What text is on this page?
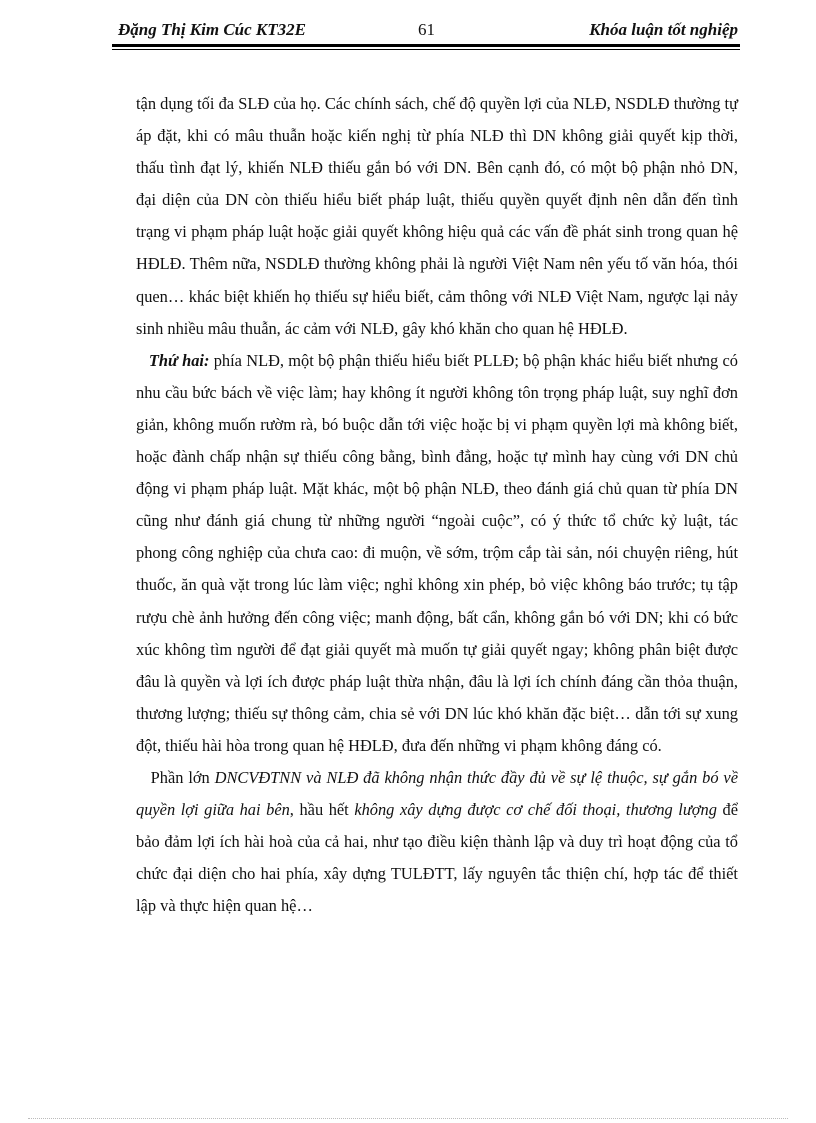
Đặng Thị Kim Cúc KT32E	61	Khóa luận tốt nghiệp

tận dụng tối đa SLĐ của họ. Các chính sách, chế độ quyền lợi của NLĐ, NSDLĐ thường tự áp đặt, khi có mâu thuẫn hoặc kiến nghị từ phía NLĐ thì DN không giải quyết kịp thời, thấu tình đạt lý, khiến NLĐ thiếu gắn bó với DN. Bên cạnh đó, có một bộ phận nhỏ DN, đại diện của DN còn thiếu hiểu biết pháp luật, thiếu quyền quyết định nên dẫn đến tình trạng vi phạm pháp luật hoặc giải quyết không hiệu quả các vấn đề phát sinh trong quan hệ HĐLĐ. Thêm nữa, NSDLĐ thường không phải là người Việt Nam nên yếu tố văn hóa, thói quen… khác biệt khiến họ thiếu sự hiểu biết, cảm thông với NLĐ Việt Nam, ngược lại nảy sinh nhiều mâu thuẫn, ác cảm với NLĐ, gây khó khăn cho quan hệ HĐLĐ.

Thứ hai: phía NLĐ, một bộ phận thiếu hiểu biết PLLĐ; bộ phận khác hiểu biết nhưng có nhu cầu bức bách về việc làm; hay không ít người không tôn trọng pháp luật, suy nghĩ đơn giản, không muốn rườm rà, bó buộc dẫn tới việc hoặc bị vi phạm quyền lợi mà không biết, hoặc đành chấp nhận sự thiếu công bằng, bình đẳng, hoặc tự mình hay cùng với DN chủ động vi phạm pháp luật. Mặt khác, một bộ phận NLĐ, theo đánh giá chủ quan từ phía DN cũng như đánh giá chung từ những người “ngoài cuộc”, có ý thức tổ chức kỷ luật, tác phong công nghiệp của chưa cao: đi muộn, về sớm, trộm cắp tài sản, nói chuyện riêng, hút thuốc, ăn quà vặt trong lúc làm việc; nghỉ không xin phép, bỏ việc không báo trước; tụ tập rượu chè ảnh hưởng đến công việc; manh động, bất cẩn, không gắn bó với DN; khi có bức xúc không tìm người để đạt giải quyết mà muốn tự giải quyết ngay; không phân biệt được đâu là quyền và lợi ích được pháp luật thừa nhận, đâu là lợi ích chính đáng cần thỏa thuận, thương lượng; thiếu sự thông cảm, chia sẻ với DN lúc khó khăn đặc biệt… dẫn tới sự xung đột, thiếu hài hòa trong quan hệ HĐLĐ, đưa đến những vi phạm không đáng có.

Phần lớn DNCVĐTNN và NLĐ đã không nhận thức đầy đủ về sự lệ thuộc, sự gắn bó về quyền lợi giữa hai bên, hầu hết không xây dựng được cơ chế đối thoại, thương lượng để bảo đảm lợi ích hài hoà của cả hai, như tạo điều kiện thành lập và duy trì hoạt động của tổ chức đại diện cho hai phía, xây dựng TULĐTT, lấy nguyên tắc thiện chí, hợp tác để thiết lập và thực hiện quan hệ…
